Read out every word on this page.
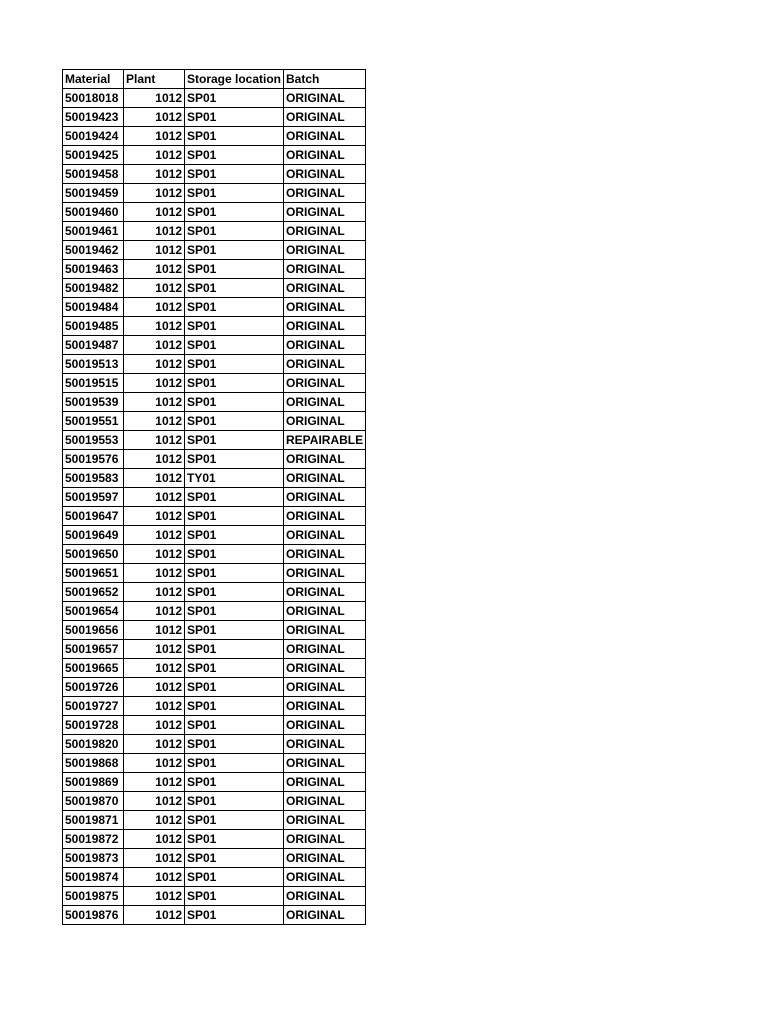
Material	Plant	Storage location	Batch
50018018	1012	SP01	ORIGINAL
50019423	1012	SP01	ORIGINAL
50019424	1012	SP01	ORIGINAL
50019425	1012	SP01	ORIGINAL
50019458	1012	SP01	ORIGINAL
50019459	1012	SP01	ORIGINAL
50019460	1012	SP01	ORIGINAL
50019461	1012	SP01	ORIGINAL
50019462	1012	SP01	ORIGINAL
50019463	1012	SP01	ORIGINAL
50019482	1012	SP01	ORIGINAL
50019484	1012	SP01	ORIGINAL
50019485	1012	SP01	ORIGINAL
50019487	1012	SP01	ORIGINAL
50019513	1012	SP01	ORIGINAL
50019515	1012	SP01	ORIGINAL
50019539	1012	SP01	ORIGINAL
50019551	1012	SP01	ORIGINAL
50019553	1012	SP01	REPAIRABLE
50019576	1012	SP01	ORIGINAL
50019583	1012	TY01	ORIGINAL
50019597	1012	SP01	ORIGINAL
50019647	1012	SP01	ORIGINAL
50019649	1012	SP01	ORIGINAL
50019650	1012	SP01	ORIGINAL
50019651	1012	SP01	ORIGINAL
50019652	1012	SP01	ORIGINAL
50019654	1012	SP01	ORIGINAL
50019656	1012	SP01	ORIGINAL
50019657	1012	SP01	ORIGINAL
50019665	1012	SP01	ORIGINAL
50019726	1012	SP01	ORIGINAL
50019727	1012	SP01	ORIGINAL
50019728	1012	SP01	ORIGINAL
50019820	1012	SP01	ORIGINAL
50019868	1012	SP01	ORIGINAL
50019869	1012	SP01	ORIGINAL
50019870	1012	SP01	ORIGINAL
50019871	1012	SP01	ORIGINAL
50019872	1012	SP01	ORIGINAL
50019873	1012	SP01	ORIGINAL
50019874	1012	SP01	ORIGINAL
50019875	1012	SP01	ORIGINAL
50019876	1012	SP01	ORIGINAL
